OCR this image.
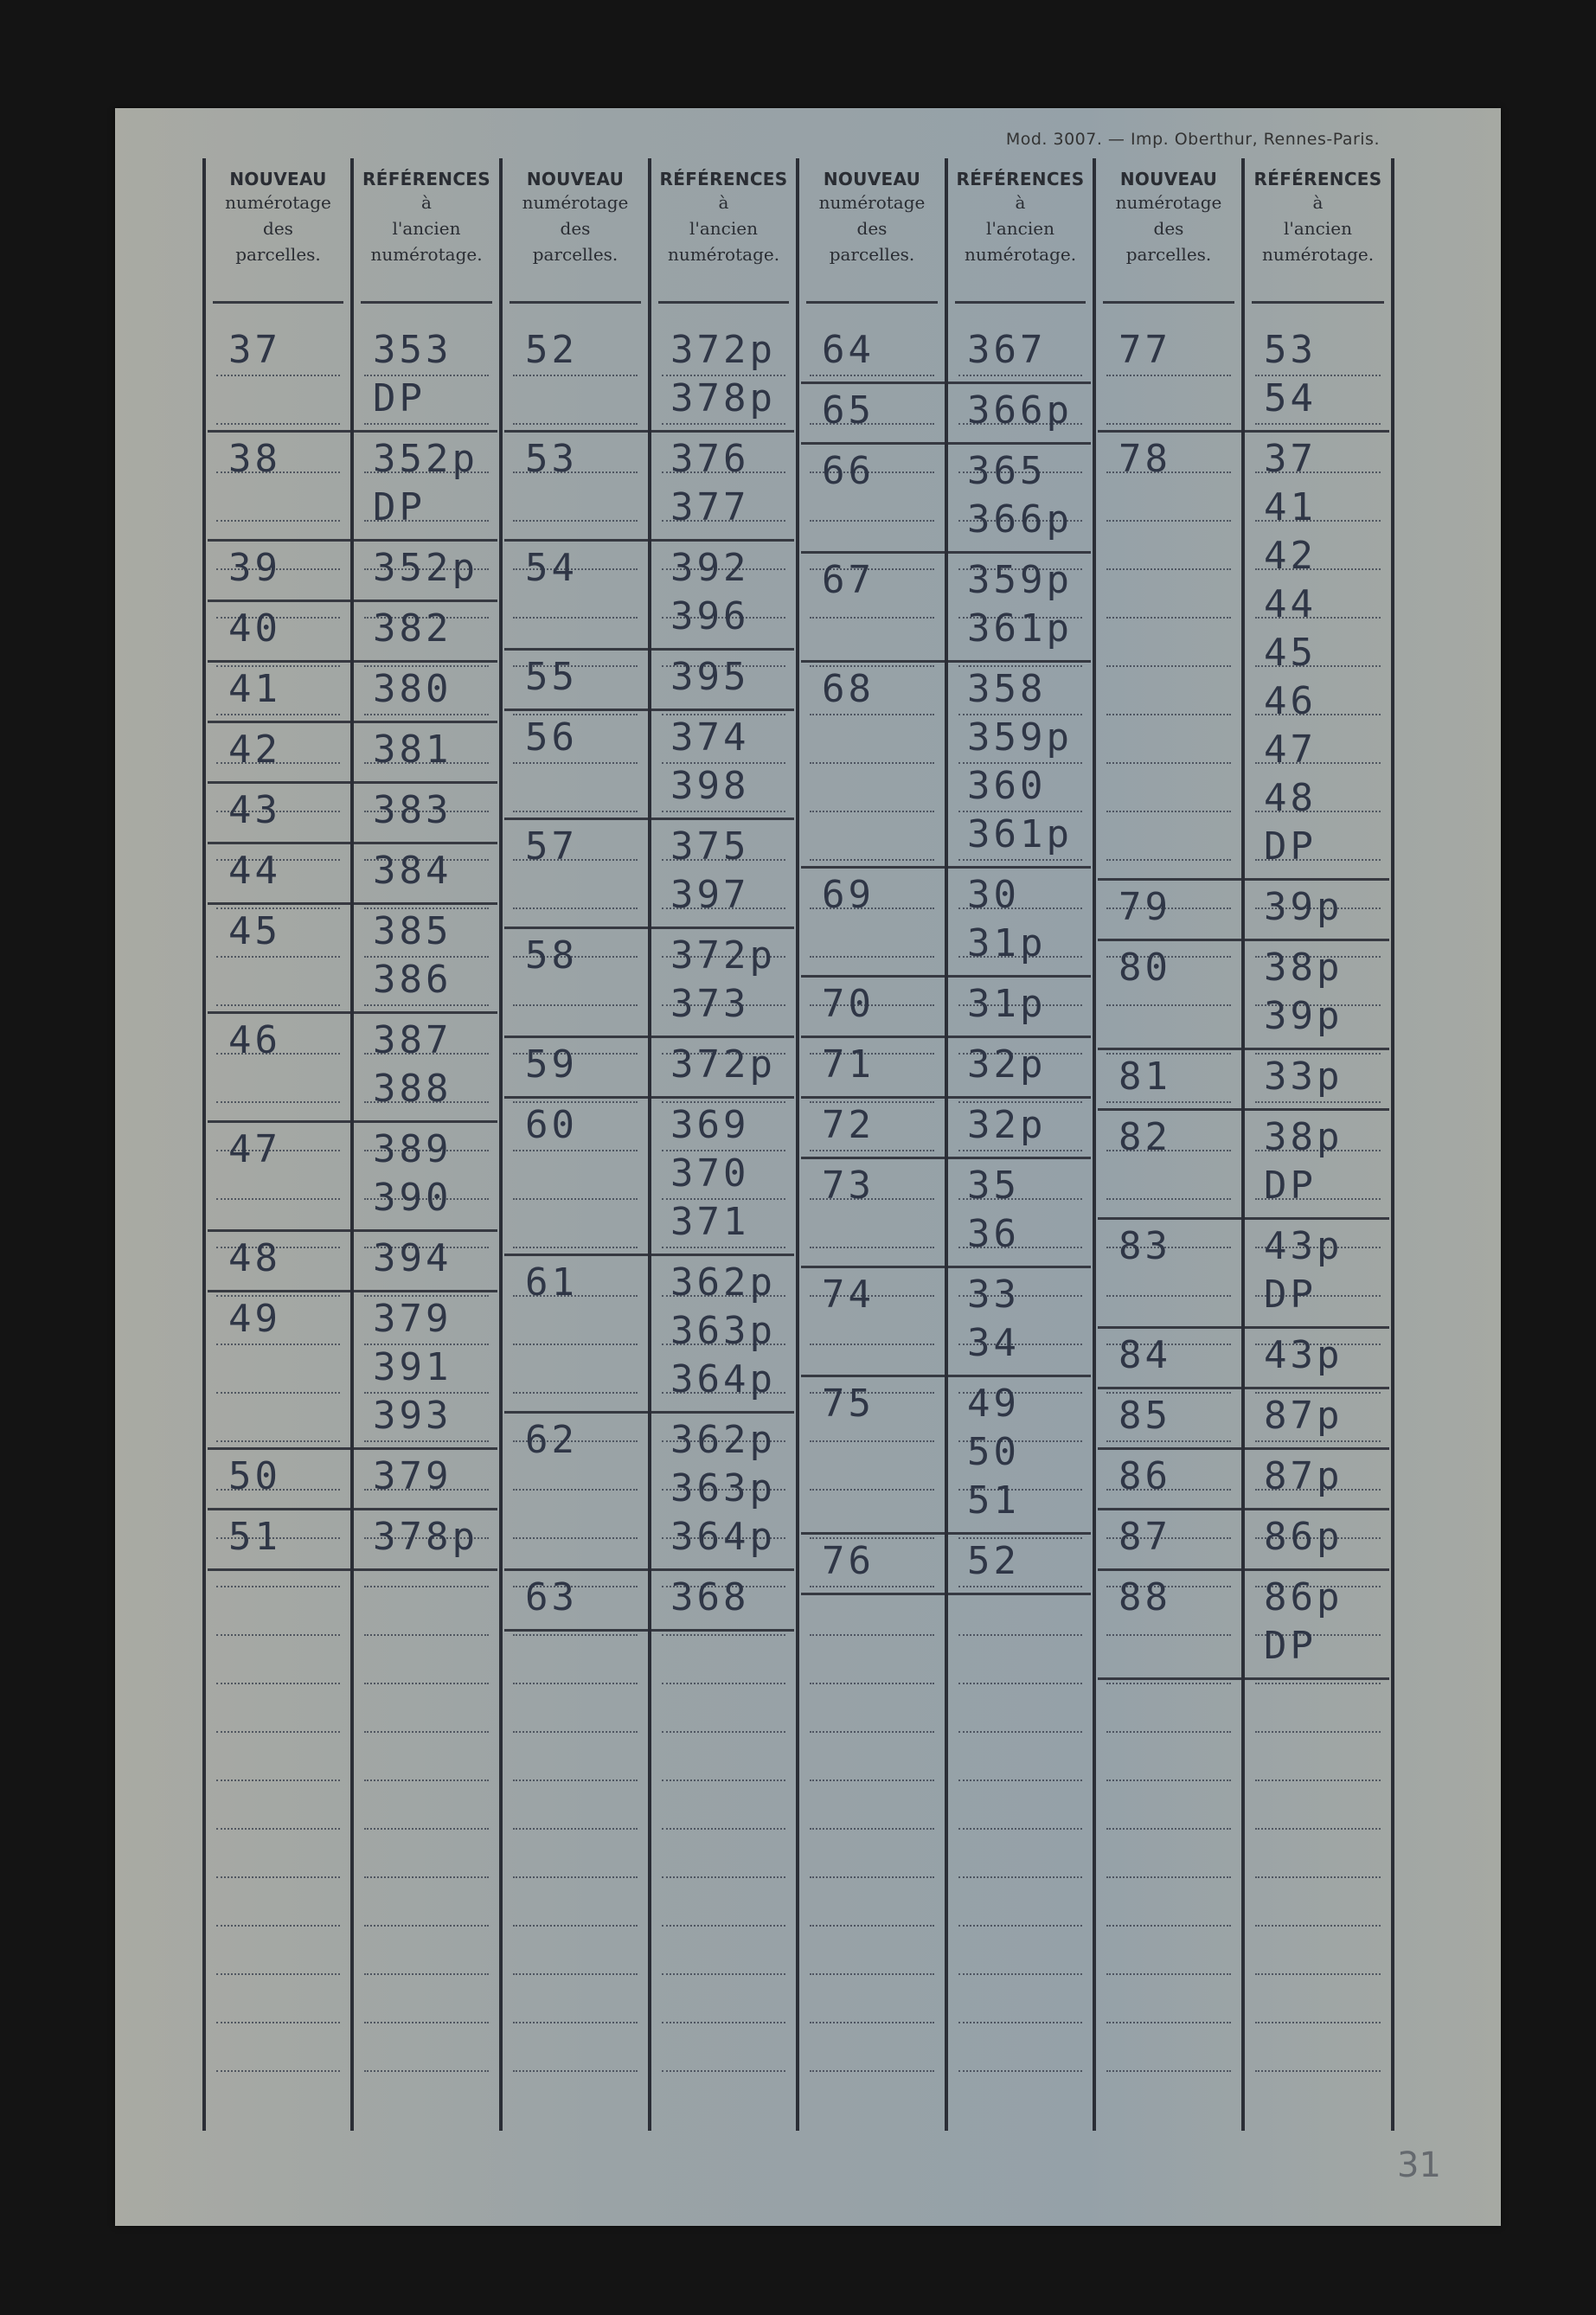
Mod. 3007. — Imp. Oberthur, Rennes-Paris.
31
NOUVEAU
numérotage
des
parcelles.
RÉFÉRENCES
à
l'ancien
numérotage.
NOUVEAU
numérotage
des
parcelles.
RÉFÉRENCES
à
l'ancien
numérotage.
NOUVEAU
numérotage
des
parcelles.
RÉFÉRENCES
à
l'ancien
numérotage.
NOUVEAU
numérotage
des
parcelles.
RÉFÉRENCES
à
l'ancien
numérotage.
37 353
DP
38 352p
DP
39 352p
40 382
41 380
42 381
43 383
44 384
45 385
386
46 387
388
47 389
390
48 394
49 379
391
393
50 379
51 378p
52 372p
378p
53 376
377
54 392
396
55 395
56 374
398
57 375
397
58 372p
373
59 372p
60 369
370
371
61 362p
363p
364p
62 362p
363p
364p
63 368
64 367
65 366p
66 365
366p
67 359p
361p
68 358
359p
360
361p
69 30
31p
70 31p
71 32p
72 32p
73 35
36
74 33
34
75 49
50
51
76 52
77 53
54
78 37
41
42
44
45
46
47
48
DP
79 39p
80 38p
39p
81 33p
82 38p
DP
83 43p
DP
84 43p
85 87p
86 87p
87 86p
88 86p
DP
